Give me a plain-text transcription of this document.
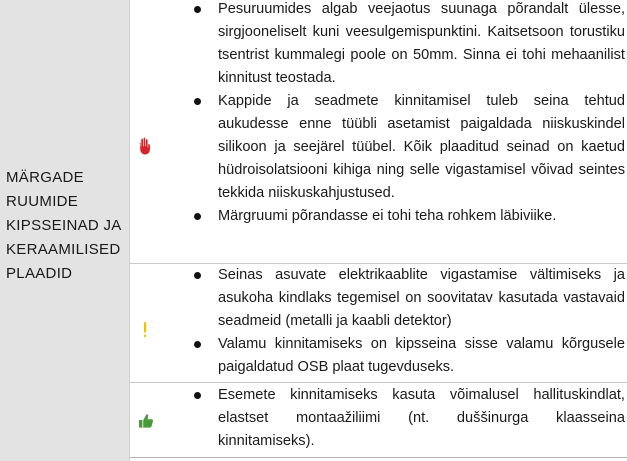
MÄRGADE RUUMIDE KIPSSEINAD JA KERAAMILISED PLAADID

Pesuruumides algab veejaotus suunaga põrandalt ülesse, sirgjooneliselt kuni veesulgemispunktini. Kaitsetsoon torustiku tsentrist kummalegi poole on 50mm. Sinna ei tohi mehaanilist kinnitust teostada.
Kappide ja seadmete kinnitamisel tuleb seina tehtud aukudesse enne tüübli asetamist paigaldada niiskuskindel silikoon ja seejärel tüübel. Kõik plaaditud seinad on kaetud hüdroisolatsiooni kihiga ning selle vigastamisel võivad seintes tekkida niiskuskahjustused.
Märgruumi põrandasse ei tohi teha rohkem läbiviike.
Seinas asuvate elektrikaablite vigastamise vältimiseks ja asukoha kindlaks tegemisel on soovitatav kasutada vastavaid seadmeid (metalli ja kaabli detektor)
Valamu kinnitamiseks on kipsseina sisse valamu kõrgusele paigaldatud OSB plaat tugevduseks.
Esemete kinnitamiseks kasuta võimalusel hallituskindlat, elastset montaažiliimi (nt. duššinurga klaasseina kinnitamiseks).
